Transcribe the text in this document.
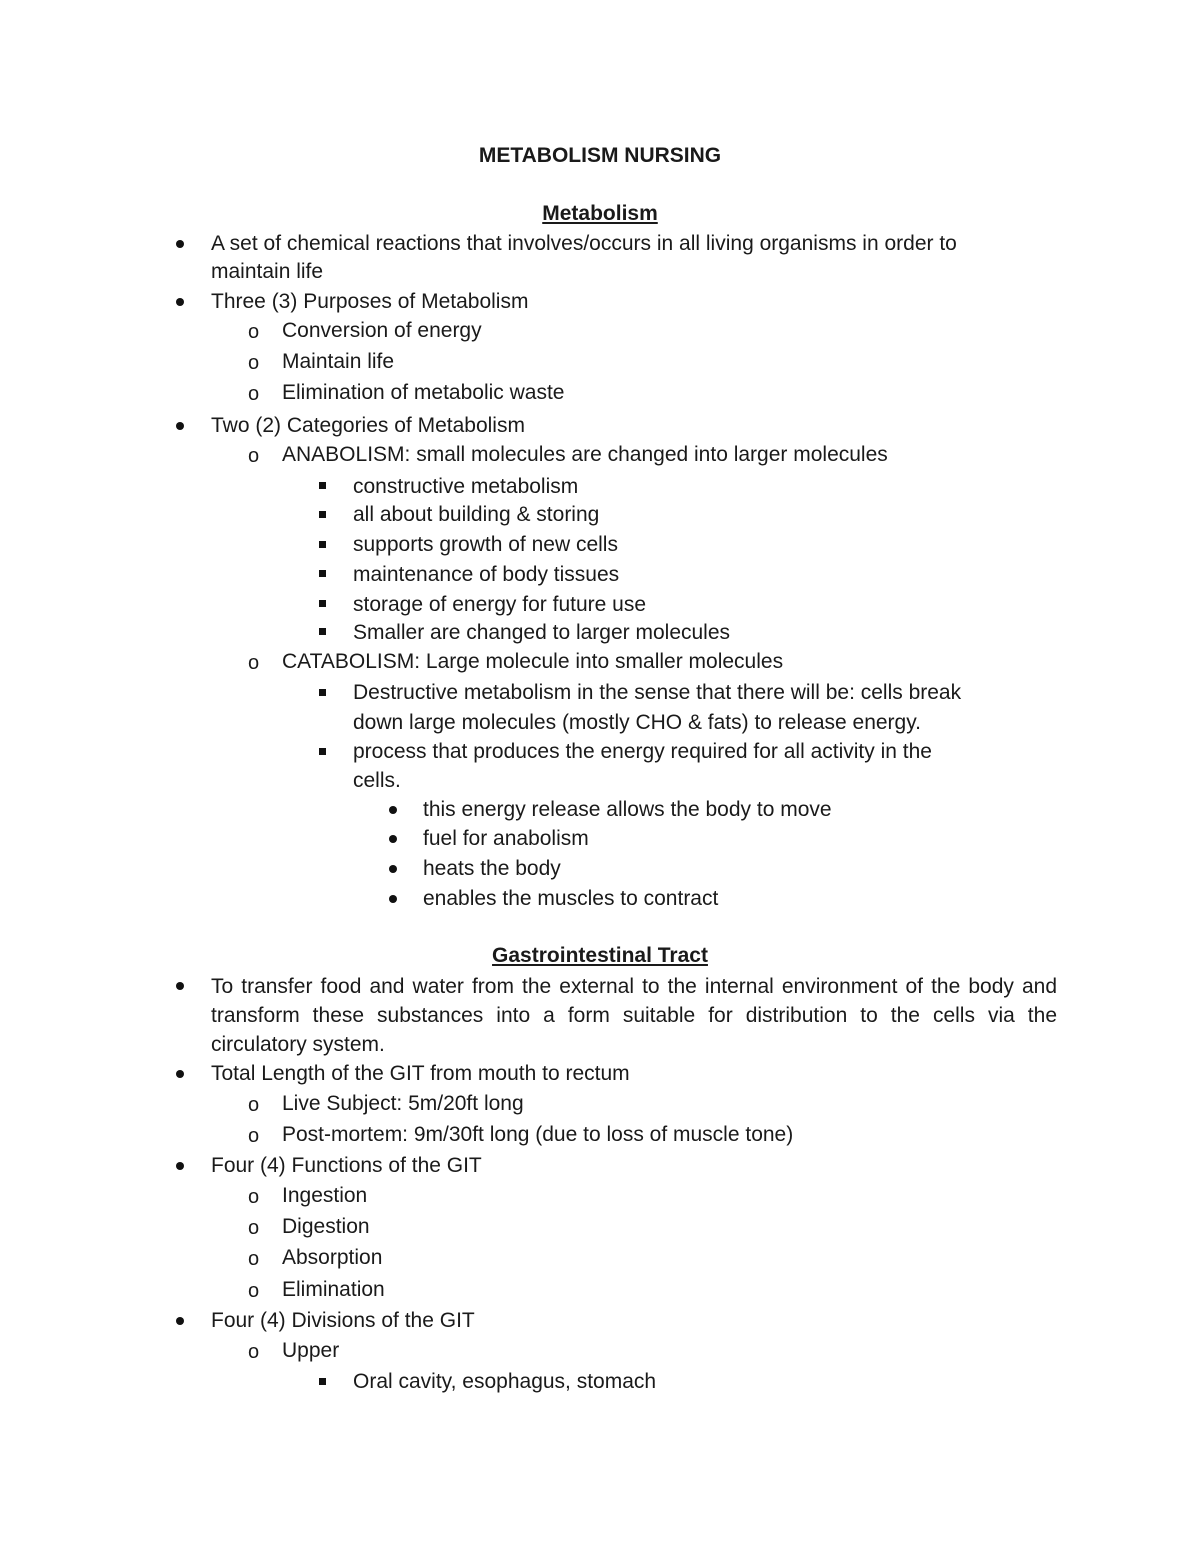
METABOLISM NURSING
Metabolism
A set of chemical reactions that involves/occurs in all living organisms in order to
maintain life
Three (3) Purposes of Metabolism
o Conversion of energy
o Maintain life
o Elimination of metabolic waste
Two (2) Categories of Metabolism
o ANABOLISM: small molecules are changed into larger molecules
constructive metabolism
all about building & storing
supports growth of new cells
maintenance of body tissues
storage of energy for future use
Smaller are changed to larger molecules
o CATABOLISM: Large molecule into smaller molecules
Destructive metabolism in the sense that there will be: cells break
down large molecules (mostly CHO & fats) to release energy.
process that produces the energy required for all activity in the
cells.
this energy release allows the body to move
fuel for anabolism
heats the body
enables the muscles to contract
Gastrointestinal Tract
To transfer food and water from the external to the internal environment of the body and transform these substances into a form suitable for distribution to the cells via the circulatory system.
Total Length of the GIT from mouth to rectum
o Live Subject: 5m/20ft long
o Post-mortem: 9m/30ft long (due to loss of muscle tone)
Four (4) Functions of the GIT
o Ingestion
o Digestion
o Absorption
o Elimination
Four (4) Divisions of the GIT
o Upper
Oral cavity, esophagus, stomach
